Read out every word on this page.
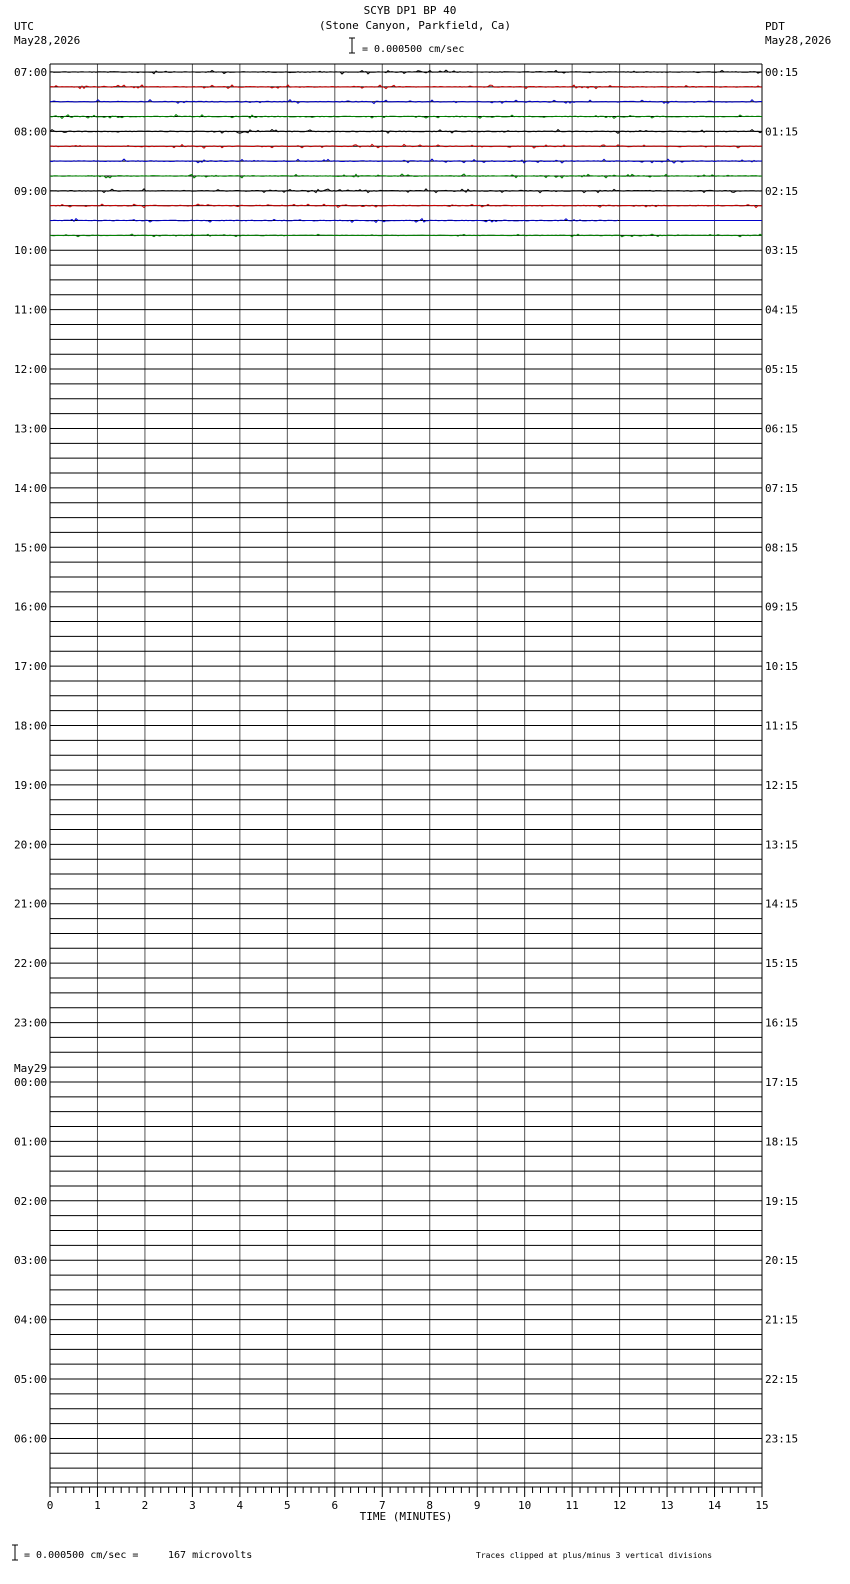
SCYB DP1 BP 40
(Stone Canyon, Parkfield, Ca)
UTC
May28,2026
PDT
May28,2026
= 0.000500 cm/sec
07:00
08:00
09:00
10:00
11:00
12:00
13:00
14:00
15:00
16:00
17:00
18:00
19:00
20:00
21:00
22:00
23:00
00:00
May29
01:00
02:00
03:00
04:00
05:00
06:00
00:15
01:15
02:15
03:15
04:15
05:15
06:15
07:15
08:15
09:15
10:15
11:15
12:15
13:15
14:15
15:15
16:15
17:15
18:15
19:15
20:15
21:15
22:15
23:15
0	1	2	3	4	5	6	7	8	9	10	11	12	13	14	15
TIME (MINUTES)
= 0.000500 cm/sec =	167 microvolts	Traces clipped at plus/minus 3 vertical divisions
